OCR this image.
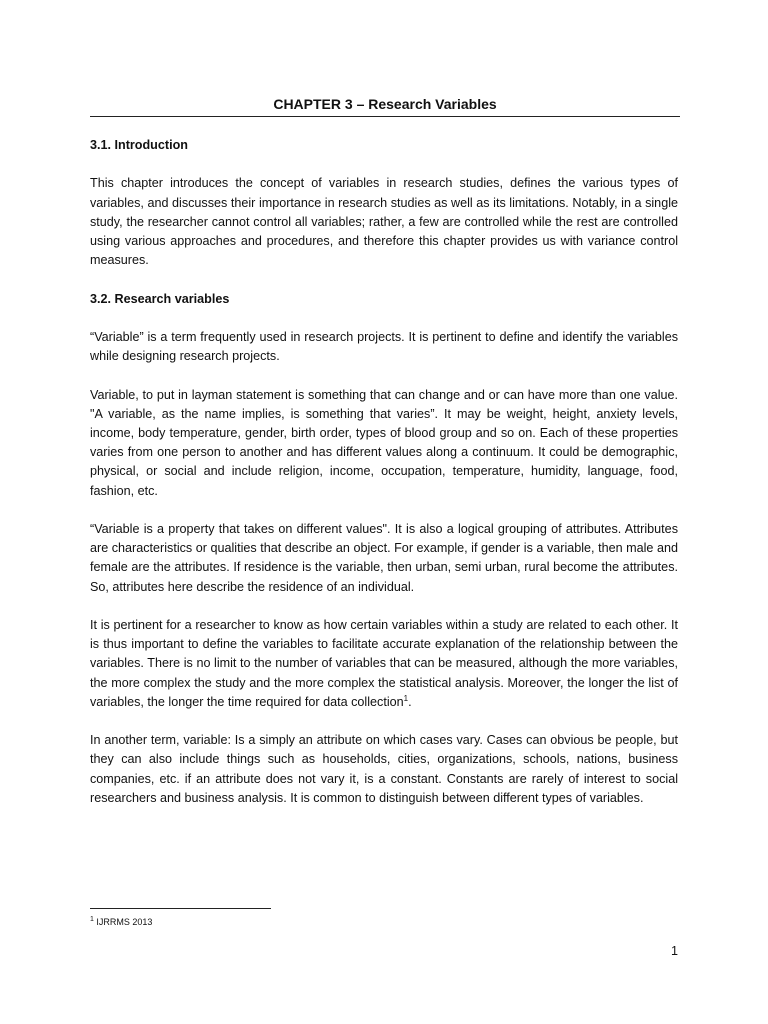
CHAPTER 3 – Research Variables

3.1. Introduction

This chapter introduces the concept of variables in research studies, defines the various types of variables, and discusses their importance in research studies as well as its limitations. Notably, in a single study, the researcher cannot control all variables; rather, a few are controlled while the rest are controlled using various approaches and procedures, and therefore this chapter provides us with variance control measures.

3.2. Research variables

“Variable” is a term frequently used in research projects. It is pertinent to define and identify the variables while designing research projects.

Variable, to put in layman statement is something that can change and or can have more than one value. "A variable, as the name implies, is something that varies”. It may be weight, height, anxiety levels, income, body temperature, gender, birth order, types of blood group and so on. Each of these properties varies from one person to another and has different values along a continuum. It could be demographic, physical, or social and include religion, income, occupation, temperature, humidity, language, food, fashion, etc.

“Variable is a property that takes on different values". It is also a logical grouping of attributes. Attributes are characteristics or qualities that describe an object. For example, if gender is a variable, then male and female are the attributes. If residence is the variable, then urban, semi urban, rural become the attributes. So, attributes here describe the residence of an individual.

It is pertinent for a researcher to know as how certain variables within a study are related to each other. It is thus important to define the variables to facilitate accurate explanation of the relationship between the variables. There is no limit to the number of variables that can be measured, although the more variables, the more complex the study and the more complex the statistical analysis. Moreover, the longer the list of variables, the longer the time required for data collection$^1$.

In another term, variable: Is a simply an attribute on which cases vary. Cases can obvious be people, but they can also include things such as households, cities, organizations, schools, nations, business companies, etc. if an attribute does not vary it, is a constant. Constants are rarely of interest to social researchers and business analysis. It is common to distinguish between different types of variables.

$^1$ IJRRMS 2013
1
